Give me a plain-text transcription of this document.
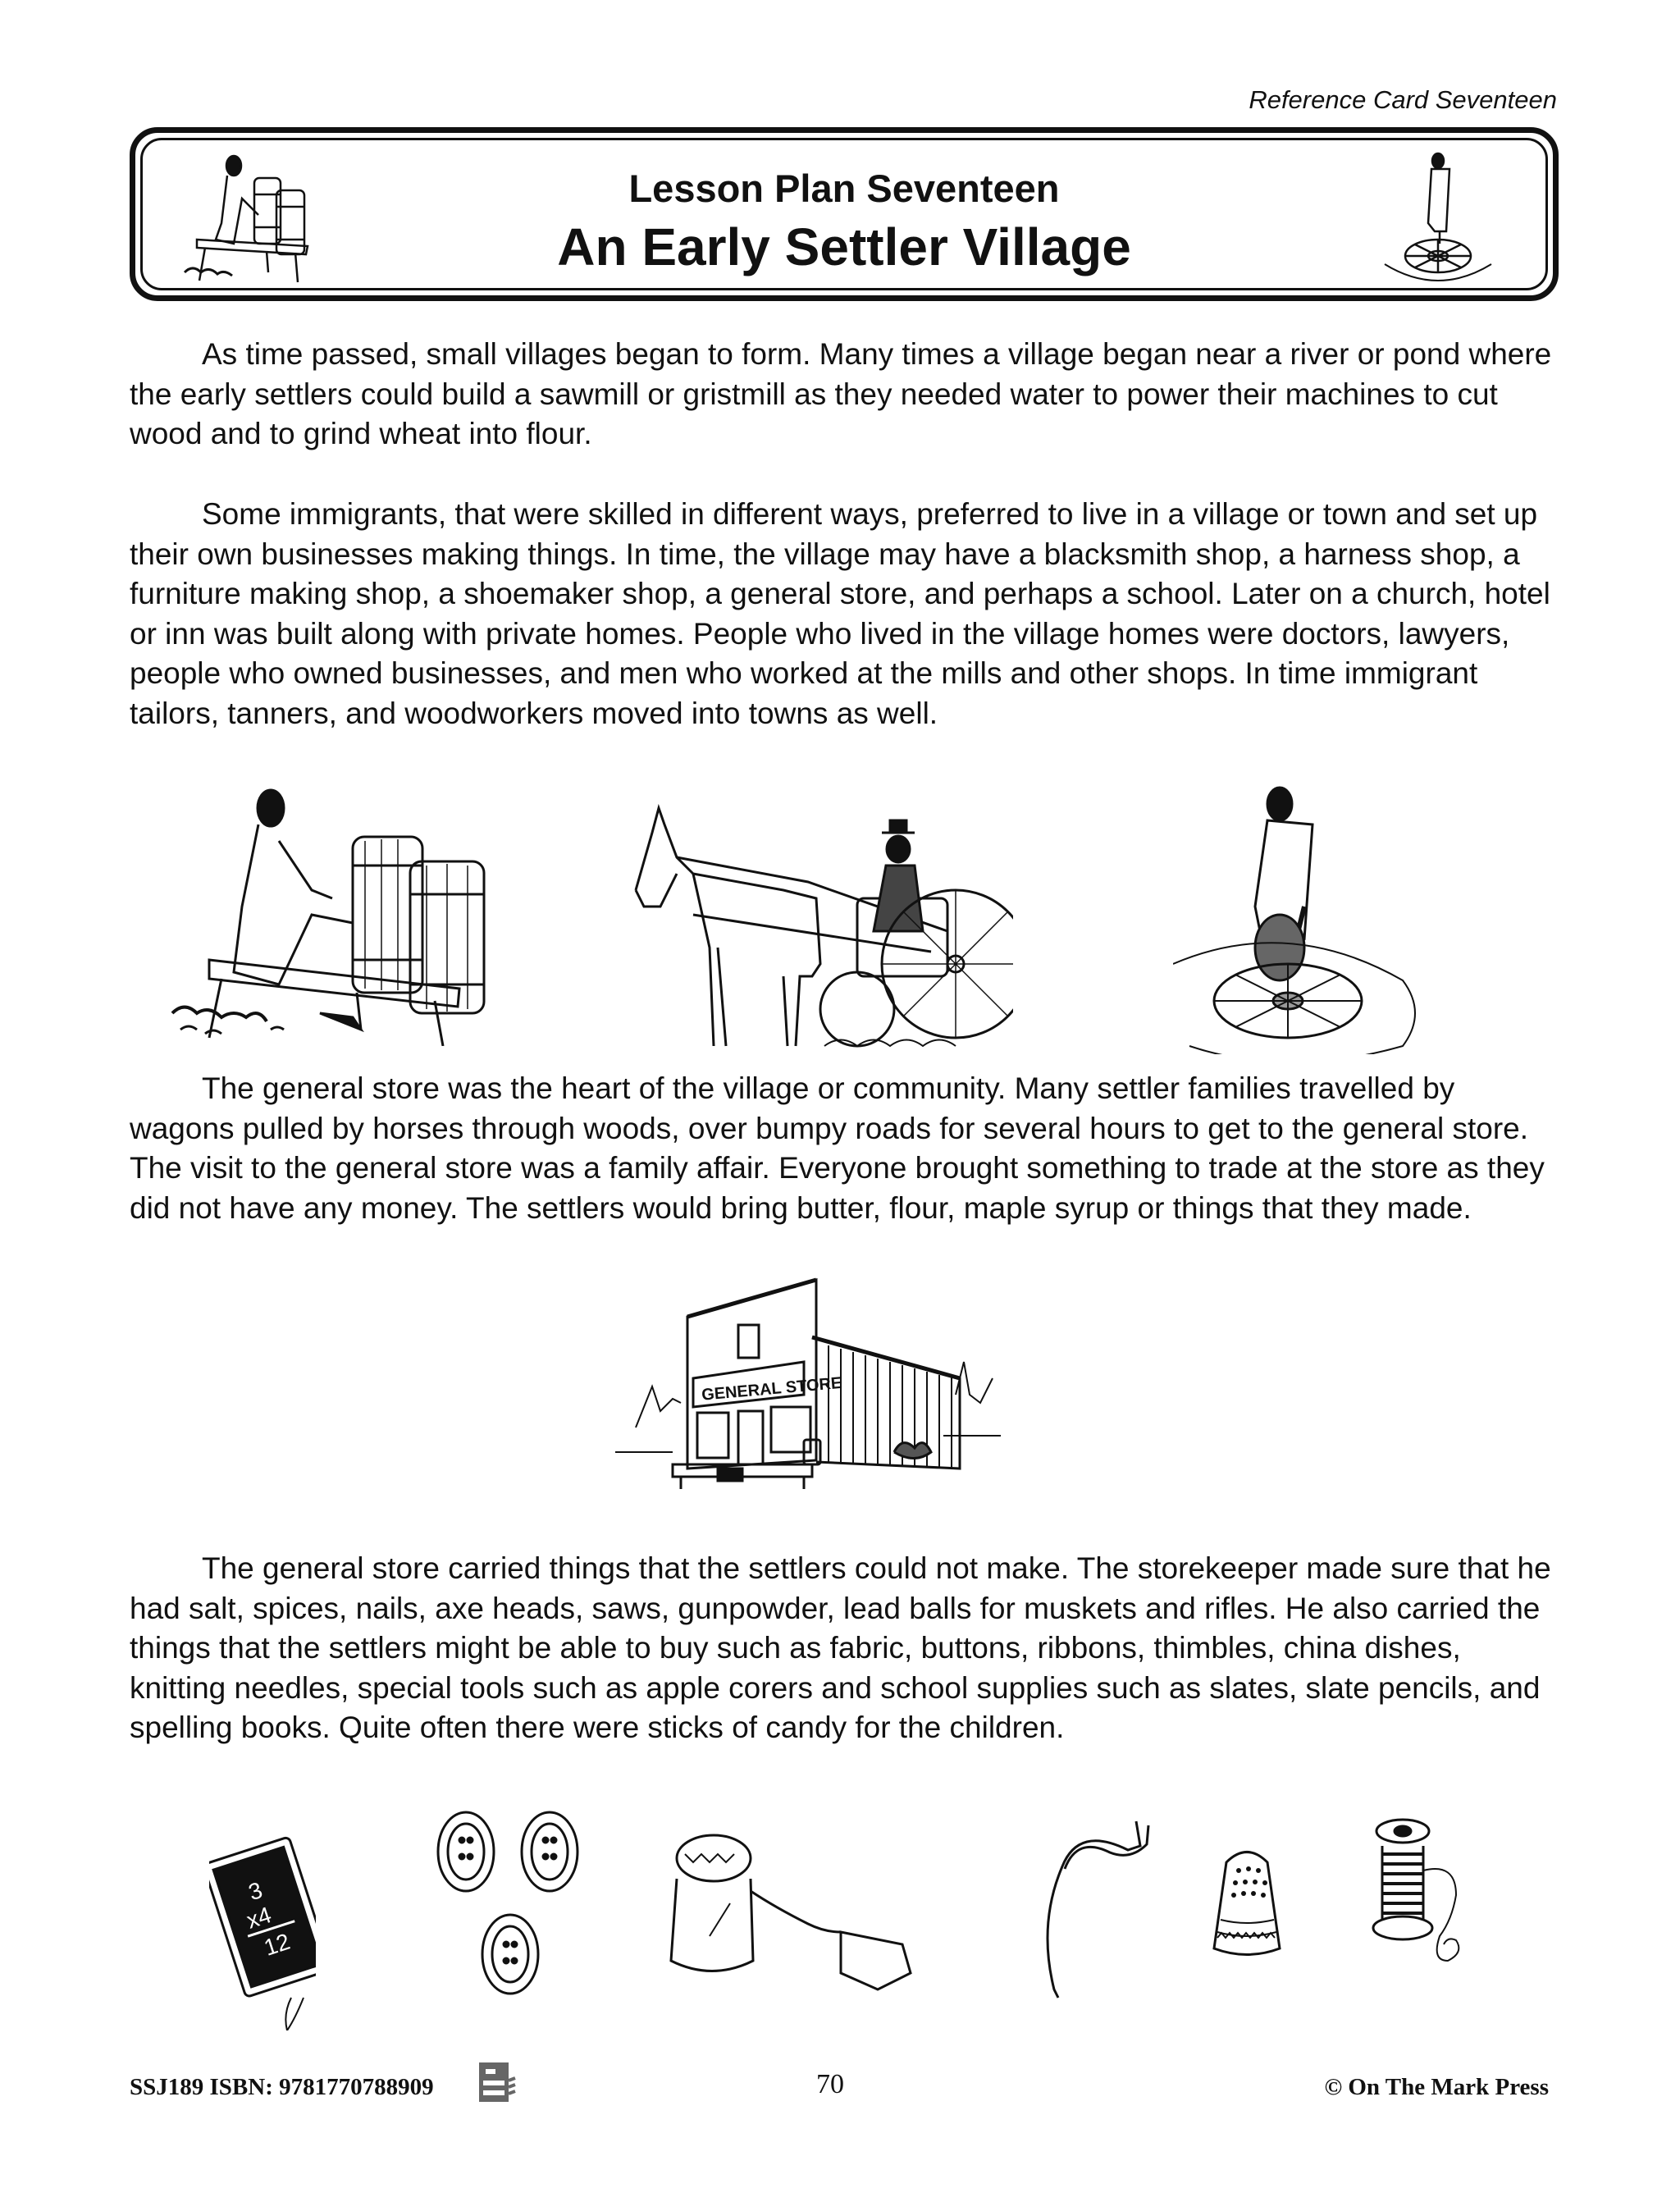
Reference Card Seventeen
Lesson Plan Seventeen
An Early Settler Village

As time passed, small villages began to form. Many times a village began near a river or pond where the early settlers could build a sawmill or gristmill as they needed water to power their machines to cut wood and to grind wheat into flour.

Some immigrants, that were skilled in different ways, preferred to live in a village or town and set up their own businesses making things. In time, the village may have a blacksmith shop, a harness shop, a furniture making shop, a shoemaker shop, a general store, and perhaps a school. Later on a church, hotel or inn was built along with private homes. People who lived in the village homes were doctors, lawyers, people who owned businesses, and men who worked at the mills and other shops. In time immigrant tailors, tanners, and woodworkers moved into towns as well.

The general store was the heart of the village or community. Many settler families travelled by wagons pulled by horses through woods, over bumpy roads for several hours to get to the general store. The visit to the general store was a family affair. Everyone brought something to trade at the store as they did not have any money. The settlers would bring butter, flour, maple syrup or things that they made.

GENERAL STORE

The general store carried things that the settlers could not make. The storekeeper made sure that he had salt, spices, nails, axe heads, saws, gunpowder, lead balls for muskets and rifles. He also carried the things that the settlers might be able to buy such as fabric, buttons, ribbons, thimbles, china dishes, knitting needles, special tools such as apple corers and school supplies such as slates, slate pencils, and spelling books. Quite often there were sticks of candy for the children.

3
x4
12
SSJ189 ISBN: 9781770788909	70	© On The Mark Press
